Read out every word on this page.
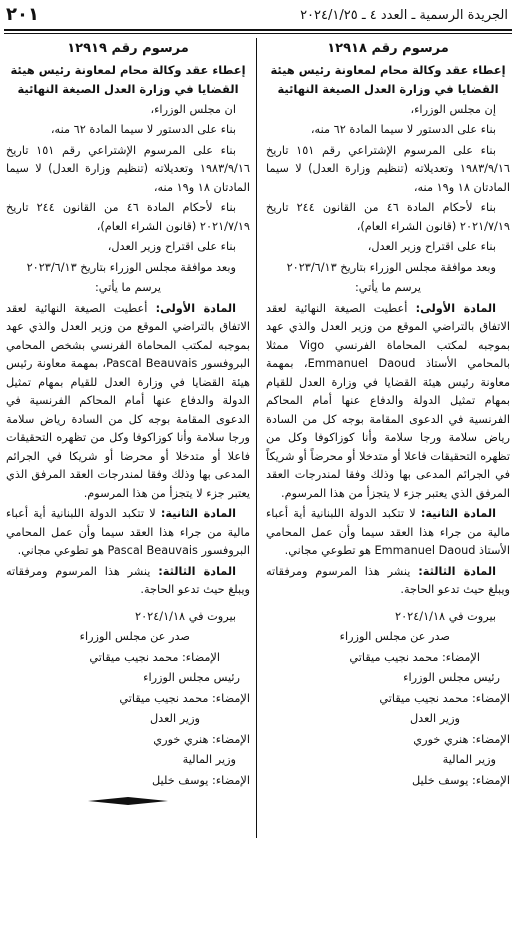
الجريدة الرسمية ـ العدد ٤ ـ ٢٠٢٤/١/٢٥
٢٠١

مرسوم رقم ١٢٩١٨

إعطاء عقد وكالة محام لمعاونة رئيس هيئة القضايا في وزارة العدل الصيغة النهائية

إن مجلس الوزراء،

بناء على الدستور لا سيما المادة ٦٢ منه،

بناء على المرسوم الإشتراعي رقم ١٥١ تاريخ ١٩٨٣/٩/١٦ وتعديلاته (تنظيم وزارة العدل) لا سيما المادتان ١٨ و١٩ منه،

بناء لأحكام المادة ٤٦ من القانون ٢٤٤ تاريخ ٢٠٢١/٧/١٩ (قانون الشراء العام)،

بناء على اقتراح وزير العدل،

وبعد موافقة مجلس الوزراء بتاريخ ٢٠٢٣/٦/١٣

يرسم ما يأتي:

المادة الأولى: أعطيت الصيغة النهائية لعقد الاتفاق بالتراضي الموقع من وزير العدل والذي عهد بموجبه لمكتب المحاماة الفرنسي Vigo ممثلا بالمحامي الأستاذ Emmanuel Daoud، بمهمة معاونة رئيس هيئة القضايا في وزارة العدل للقيام بمهام تمثيل الدولة والدفاع عنها أمام المحاكم الفرنسية في الدعوى المقامة بوجه كل من السادة رياض سلامة ورجا سلامة وأنا كوزاكوفا وكل من تظهره التحقيقات فاعلا أو متدخلا أو محرضاً أو شريكاً في الجرائم المدعى بها وذلك وفقا لمندرجات العقد المرفق الذي يعتبر جزء لا يتجزأ من هذا المرسوم.

المادة الثانية: لا تتكبد الدولة اللبنانية أية أعباء مالية من جراء هذا العقد سيما وأن عمل المحامي الأستاذ Emmanuel Daoud هو تطوعي مجاني.

المادة الثالثة: ينشر هذا المرسوم ومرفقاته ويبلغ حيث تدعو الحاجة.

بيروت في ٢٠٢٤/١/١٨

صدر عن مجلس الوزراء

الإمضاء: محمد نجيب ميقاتي

رئيس مجلس الوزراء

الإمضاء: محمد نجيب ميقاتي

وزير العدل

الإمضاء: هنري خوري

وزير المالية

الإمضاء: يوسف خليل

مرسوم رقم ١٢٩١٩

إعطاء عقد وكالة محام لمعاونة رئيس هيئة القضايا في وزارة العدل الصيغة النهائية

ان مجلس الوزراء،

بناء على الدستور لا سيما المادة ٦٢ منه،

بناء على المرسوم الإشتراعي رقم ١٥١ تاريخ ١٩٨٣/٩/١٦ وتعديلاته (تنظيم وزارة العدل) لا سيما المادتان ١٨ و١٩ منه،

بناء لأحكام المادة ٤٦ من القانون ٢٤٤ تاريخ ٢٠٢١/٧/١٩ (قانون الشراء العام)،

بناء على اقتراح وزير العدل،

وبعد موافقة مجلس الوزراء بتاريخ ٢٠٢٣/٦/١٣

يرسم ما يأتي:

المادة الأولى: أعطيت الصيغة النهائية لعقد الاتفاق بالتراضي الموقع من وزير العدل والذي عهد بموجبه لمكتب المحاماة الفرنسي بشخص المحامي البروفسور Pascal Beauvais، بمهمة معاونة رئيس هيئة القضايا في وزارة العدل للقيام بمهام تمثيل الدولة والدفاع عنها أمام المحاكم الفرنسية في الدعوى المقامة بوجه كل من السادة رياض سلامة ورجا سلامة وأنا كوزاكوفا وكل من تظهره التحقيقات فاعلا أو متدخلا أو محرضا أو شريكا في الجرائم المدعى بها وذلك وفقا لمندرجات العقد المرفق الذي يعتبر جزء لا يتجزأ من هذا المرسوم.

المادة الثانية: لا تتكبد الدولة اللبنانية أية أعباء مالية من جراء هذا العقد سيما وأن عمل المحامي البروفسور Pascal Beauvais هو تطوعي مجاني.

المادة الثالثة: ينشر هذا المرسوم ومرفقاته ويبلغ حيث تدعو الحاجة.

بيروت في ٢٠٢٤/١/١٨

صدر عن مجلس الوزراء

الإمضاء: محمد نجيب ميقاتي

رئيس مجلس الوزراء

الإمضاء: محمد نجيب ميقاتي

وزير العدل

الإمضاء: هنري خوري

وزير المالية

الإمضاء: يوسف خليل
